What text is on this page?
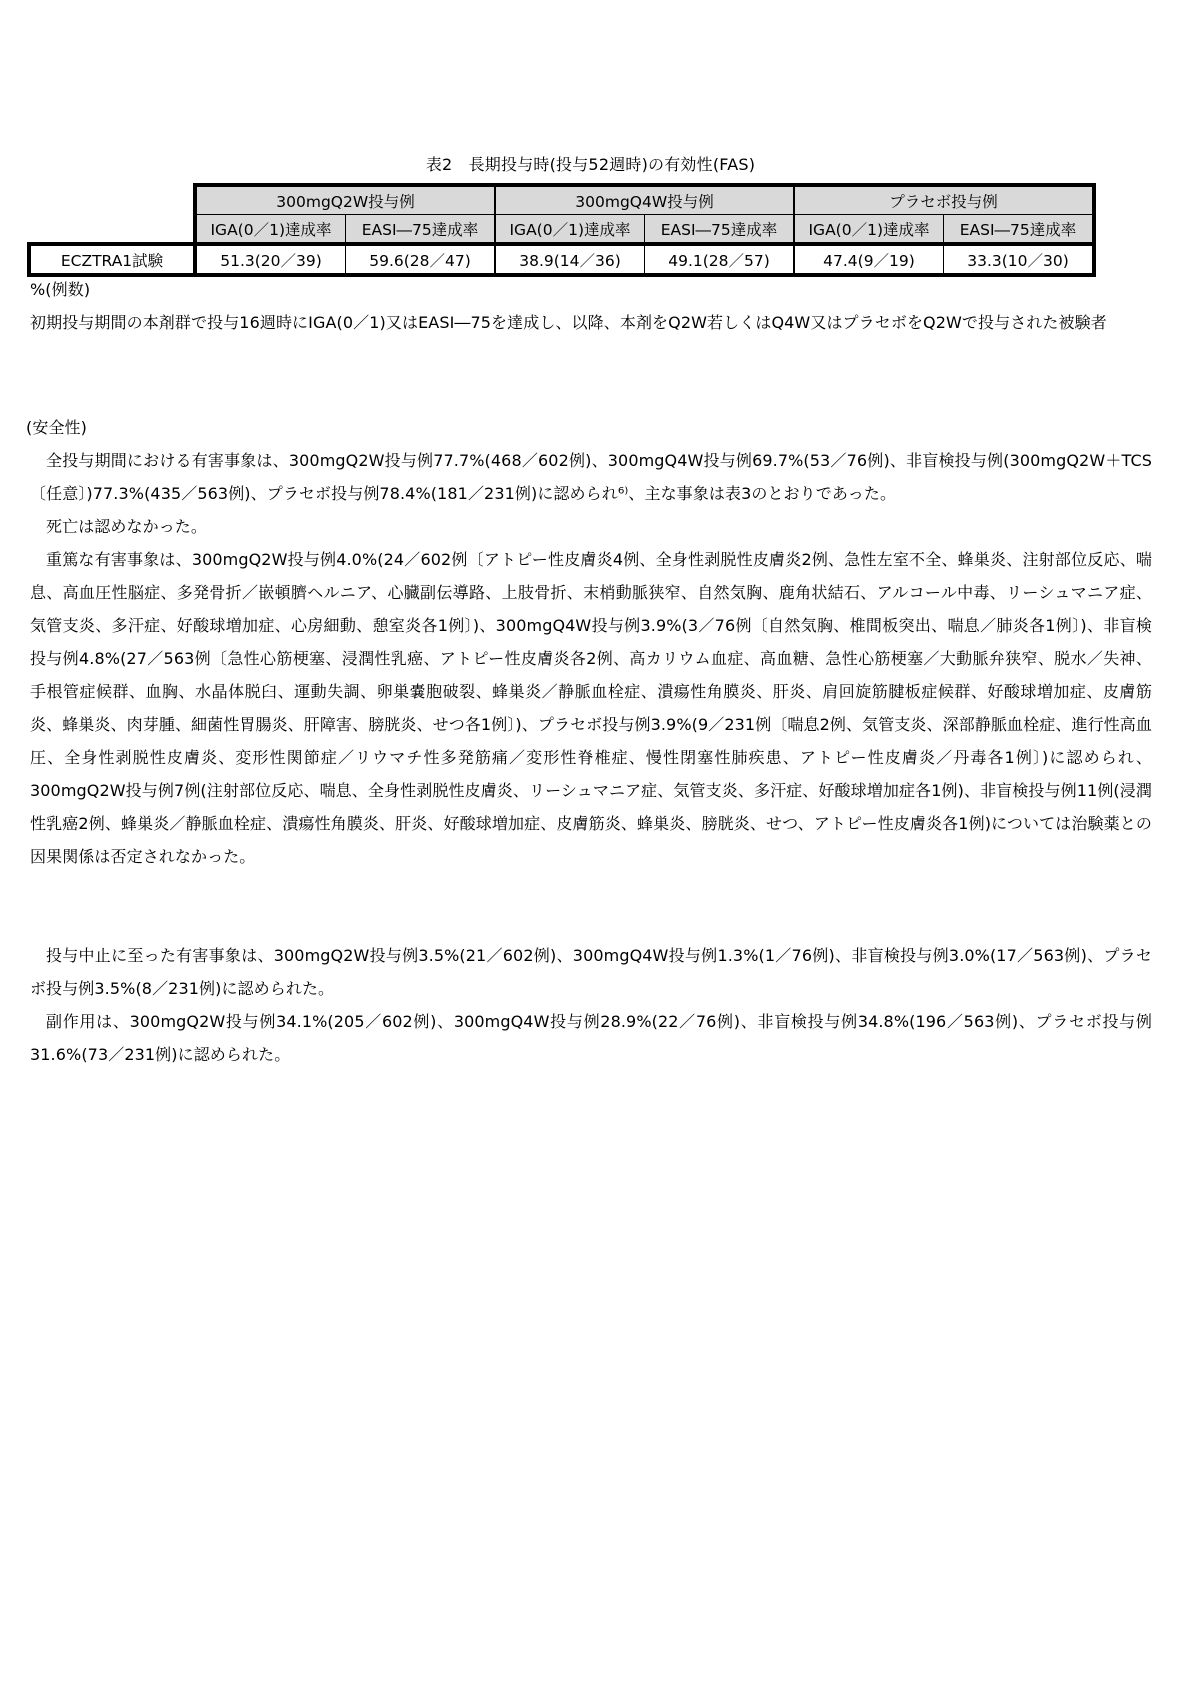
表2　長期投与時(投与52週時)の有効性(FAS)
	300mgQ2W投与例		300mgQ4W投与例		プラセボ投与例	
	IGA(0／1)達成率	EASI―75達成率	IGA(0／1)達成率	EASI―75達成率	IGA(0／1)達成率	EASI―75達成率
ECZTRA1試験	51.3(20／39)	59.6(28／47)	38.9(14／36)	49.1(28／57)	47.4(9／19)	33.3(10／30)
%(例数)
初期投与期間の本剤群で投与16週時にIGA(0／1)又はEASI―75を達成し、以降、本剤をQ2W若しくはQ4W又はプラセボをQ2Wで投与された被験者
(安全性)
全投与期間における有害事象は、300mgQ2W投与例77.7%(468／602例)、300mgQ4W投与例69.7%(53／76例)、非盲検投与例(300mgQ2W＋TCS〔任意〕)77.3%(435／563例)、プラセボ投与例78.4%(181／231例)に認められ⁶⁾、主な事象は表3のとおりであった。
死亡は認めなかった。
重篤な有害事象は、300mgQ2W投与例4.0%(24／602例〔アトピー性皮膚炎4例、全身性剥脱性皮膚炎2例、急性左室不全、蜂巣炎、注射部位反応、喘息、高血圧性脳症、多発骨折／嵌頓臍ヘルニア、心臓副伝導路、上肢骨折、末梢動脈狭窄、自然気胸、鹿角状結石、アルコール中毒、リーシュマニア症、気管支炎、多汗症、好酸球増加症、心房細動、憩室炎各1例〕)、300mgQ4W投与例3.9%(3／76例〔自然気胸、椎間板突出、喘息／肺炎各1例〕)、非盲検投与例4.8%(27／563例〔急性心筋梗塞、浸潤性乳癌、アトピー性皮膚炎各2例、高カリウム血症、高血糖、急性心筋梗塞／大動脈弁狭窄、脱水／失神、手根管症候群、血胸、水晶体脱臼、運動失調、卵巣嚢胞破裂、蜂巣炎／静脈血栓症、潰瘍性角膜炎、肝炎、肩回旋筋腱板症候群、好酸球増加症、皮膚筋炎、蜂巣炎、肉芽腫、細菌性胃腸炎、肝障害、膀胱炎、せつ各1例〕)、プラセボ投与例3.9%(9／231例〔喘息2例、気管支炎、深部静脈血栓症、進行性高血圧、全身性剥脱性皮膚炎、変形性関節症／リウマチ性多発筋痛／変形性脊椎症、慢性閉塞性肺疾患、アトピー性皮膚炎／丹毒各1例〕)に認められ、300mgQ2W投与例7例(注射部位反応、喘息、全身性剥脱性皮膚炎、リーシュマニア症、気管支炎、多汗症、好酸球増加症各1例)、非盲検投与例11例(浸潤性乳癌2例、蜂巣炎／静脈血栓症、潰瘍性角膜炎、肝炎、好酸球増加症、皮膚筋炎、蜂巣炎、膀胱炎、せつ、アトピー性皮膚炎各1例)については治験薬との因果関係は否定されなかった。
投与中止に至った有害事象は、300mgQ2W投与例3.5%(21／602例)、300mgQ4W投与例1.3%(1／76例)、非盲検投与例3.0%(17／563例)、プラセボ投与例3.5%(8／231例)に認められた。
副作用は、300mgQ2W投与例34.1%(205／602例)、300mgQ4W投与例28.9%(22／76例)、非盲検投与例34.8%(196／563例)、プラセボ投与例31.6%(73／231例)に認められた。
